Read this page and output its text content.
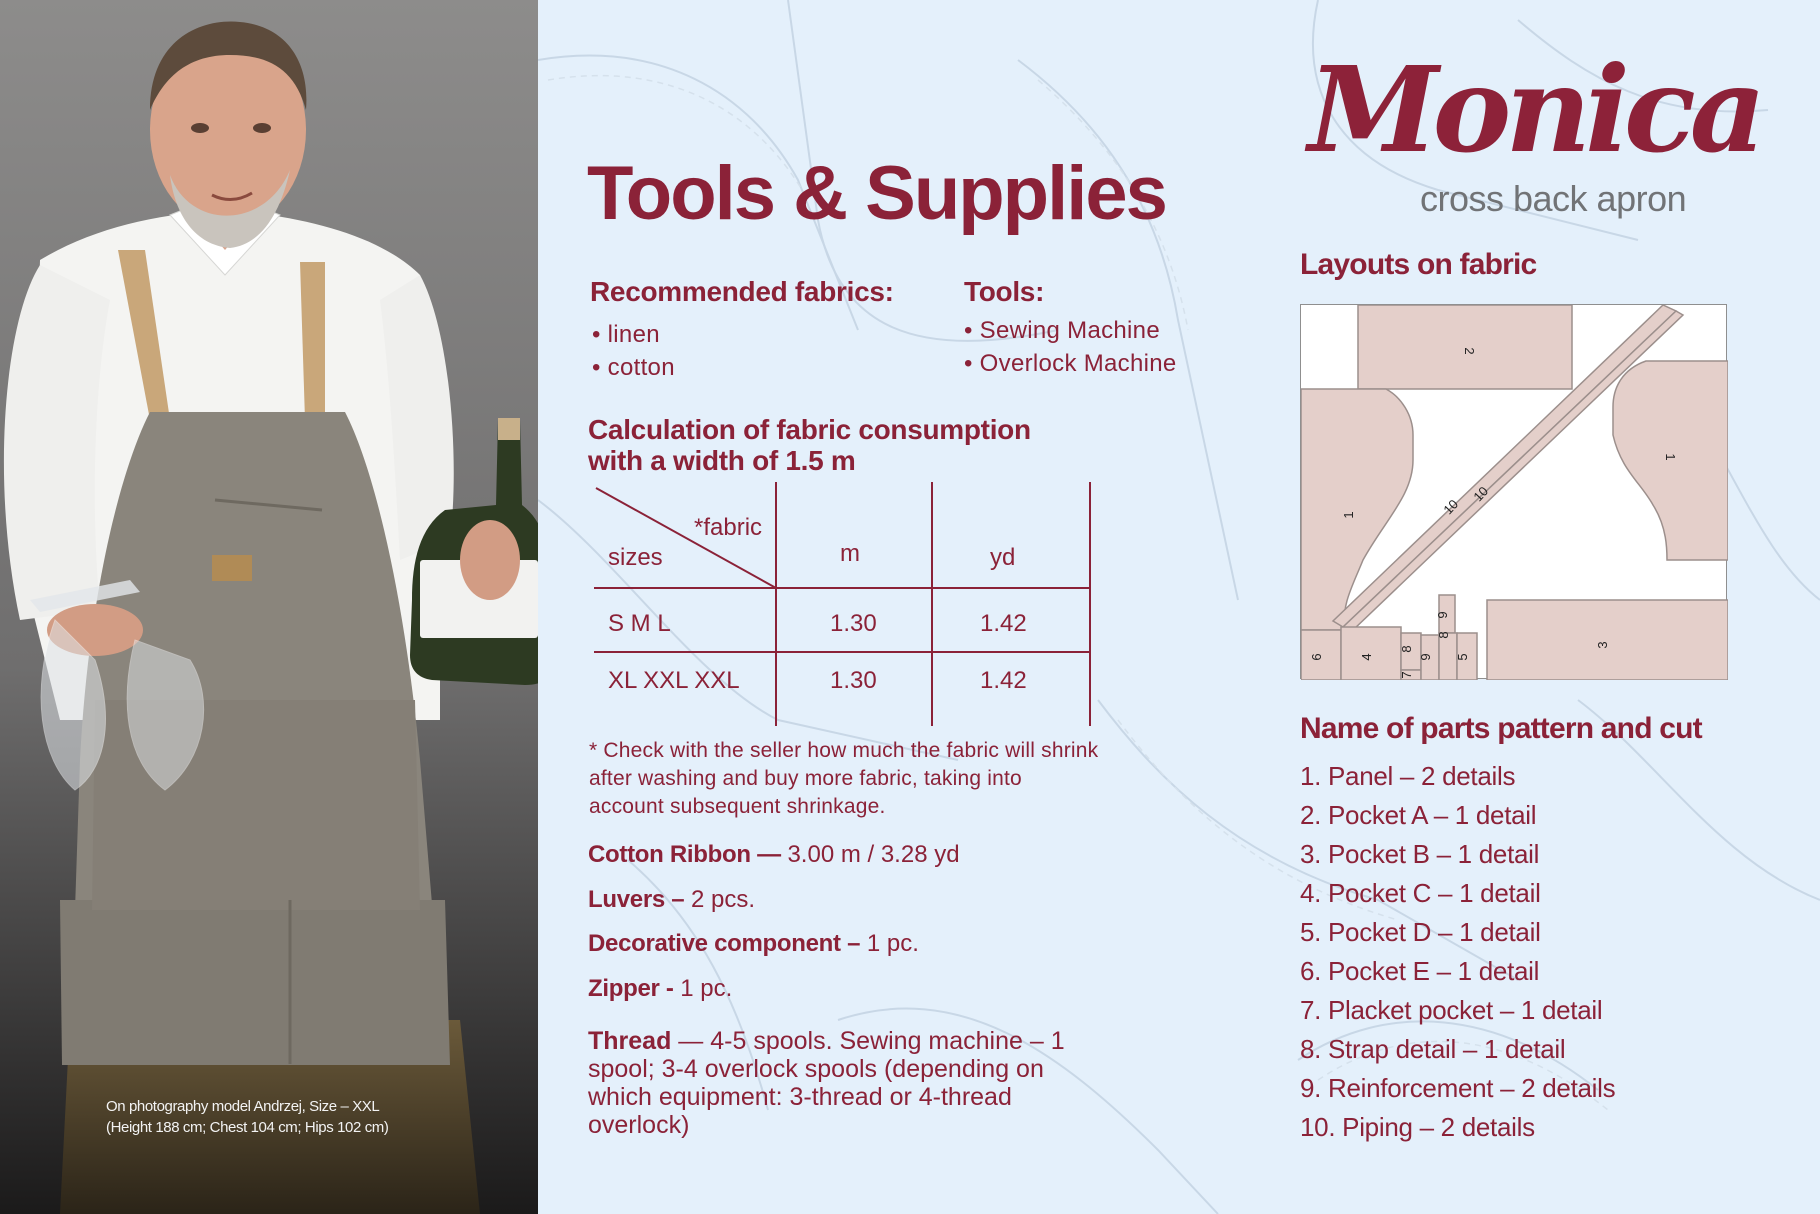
On photography model Andrzej, Size – XXL
(Height 188 cm; Chest 104 cm; Hips 102 cm)
Tools & Supplies
Recommended fabrics:
• linen
• cotton
Tools:
• Sewing Machine
• Overlock Machine
Calculation of fabric consumption
with a width of 1.5 m
*fabric
sizes	m	yd
S M L	1.30	1.42
XL XXL XXL	1.30	1.42
* Check with the seller how much the fabric will shrink after washing and buy more fabric, taking into account subsequent shrinkage.
Cotton Ribbon — 3.00 m / 3.28 yd
Luvers – 2 pcs.
Decorative component – 1 pc.
Zipper - 1 pc.
Thread — 4-5 spools. Sewing machine – 1 spool; 3-4 overlock spools (depending on which equipment: 3-thread or 4-thread overlock)
Monica
cross back apron
Layouts on fabric
2
1
1
10
10
6	4
8
7
9
8
9
5
3
Name of parts pattern and cut
1. Panel – 2 details
2. Pocket A – 1 detail
3. Pocket B – 1 detail
4. Pocket C – 1 detail
5. Pocket D – 1 detail
6. Pocket E – 1 detail
7. Placket pocket – 1 detail
8. Strap detail – 1 detail
9. Reinforcement – 2 details
10. Piping – 2 details
